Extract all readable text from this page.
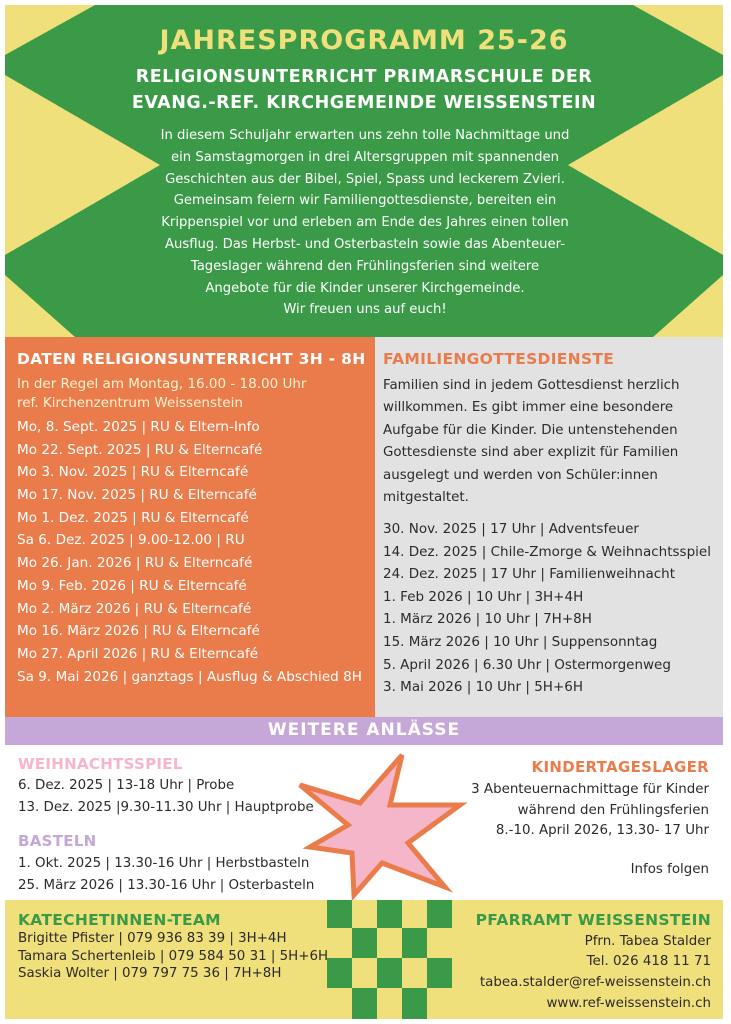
JAHRESPROGRAMM 25-26
RELIGIONSUNTERRICHT PRIMARSCHULE DER
EVANG.-REF. KIRCHGEMEINDE WEISSENSTEIN
In diesem Schuljahr erwarten uns zehn tolle Nachmittage und
ein Samstagmorgen in drei Altersgruppen mit spannenden
Geschichten aus der Bibel, Spiel, Spass und leckerem Zvieri.
Gemeinsam feiern wir Familiengottesdienste, bereiten ein
Krippenspiel vor und erleben am Ende des Jahres einen tollen
Ausflug. Das Herbst- und Osterbasteln sowie das Abenteuer-
Tageslager während den Frühlingsferien sind weitere
Angebote für die Kinder unserer Kirchgemeinde.
Wir freuen uns auf euch!
DATEN RELIGIONSUNTERRICHT 3H - 8H
In der Regel am Montag, 16.00 - 18.00 Uhr
ref. Kirchenzentrum Weissenstein
Mo, 8. Sept. 2025 | RU & Eltern-Info
Mo 22. Sept. 2025 | RU & Elterncafé
Mo 3. Nov. 2025 | RU & Elterncafé
Mo 17. Nov. 2025 | RU & Elterncafé
Mo 1. Dez. 2025 | RU & Elterncafé
Sa 6. Dez. 2025 | 9.00-12.00 | RU
Mo 26. Jan. 2026 | RU & Elterncafé
Mo 9. Feb. 2026 | RU & Elterncafé
Mo 2. März 2026 | RU & Elterncafé
Mo 16. März 2026 | RU & Elterncafé
Mo 27. April 2026 | RU & Elterncafé
Sa 9. Mai 2026 | ganztags | Ausflug & Abschied 8H
FAMILIENGOTTESDIENSTE
Familien sind in jedem Gottesdienst herzlich
willkommen. Es gibt immer eine besondere
Aufgabe für die Kinder. Die untenstehenden
Gottesdienste sind aber explizit für Familien
ausgelegt und werden von Schüler:innen
mitgestaltet.
30. Nov. 2025 | 17 Uhr | Adventsfeuer
14. Dez. 2025 | Chile-Zmorge & Weihnachtsspiel
24. Dez. 2025 | 17 Uhr | Familienweihnacht
1. Feb 2026 | 10 Uhr | 3H+4H
1. März 2026 | 10 Uhr | 7H+8H
15. März 2026 | 10 Uhr | Suppensonntag
5. April 2026 | 6.30 Uhr | Ostermorgenweg
3. Mai 2026 | 10 Uhr | 5H+6H
WEITERE ANLÄSSE
WEIHNACHTSSPIEL
6. Dez. 2025 | 13-18 Uhr | Probe
13. Dez. 2025 |9.30-11.30 Uhr | Hauptprobe
BASTELN
1. Okt. 2025 | 13.30-16 Uhr | Herbstbasteln
25. März 2026 | 13.30-16 Uhr | Osterbasteln
KINDERTAGESLAGER
3 Abenteuernachmittage für Kinder
während den Frühlingsferien
8.-10. April 2026, 13.30- 17 Uhr
Infos folgen
KATECHETINNEN-TEAM
Brigitte Pfister | 079 936 83 39 | 3H+4H
Tamara Schertenleib | 079 584 50 31 | 5H+6H
Saskia Wolter | 079 797 75 36 | 7H+8H
PFARRAMT WEISSENSTEIN
Pfrn. Tabea Stalder
Tel. 026 418 11 71
tabea.stalder@ref-weissenstein.ch
www.ref-weissenstein.ch
